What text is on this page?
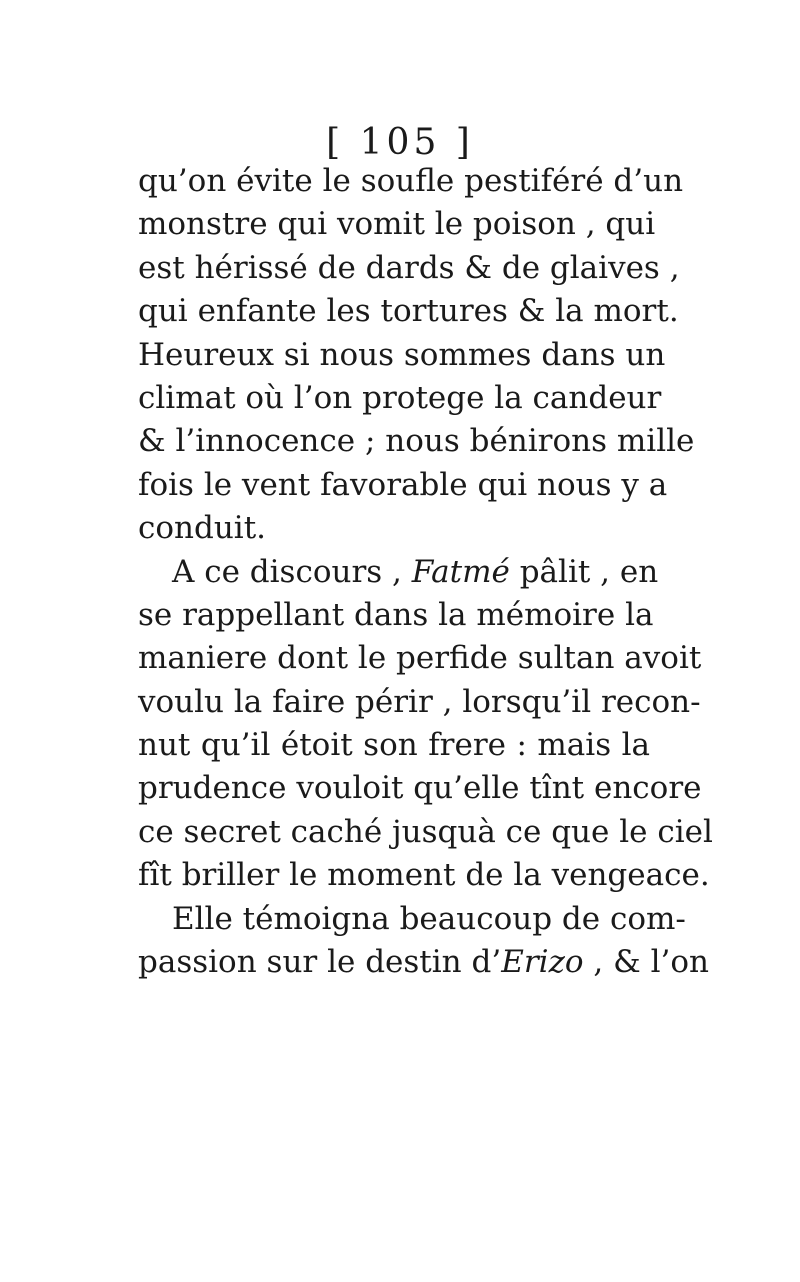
[ 105 ]
qu’on évite le soufle pestiféré d’un
monstre qui vomit le poison , qui
est hérissé de dards & de glaives ,
qui enfante les tortures & la mort.
Heureux si nous sommes dans un
climat où l’on protege la candeur
& l’innocence ; nous bénirons mille
fois le vent favorable qui nous y a
conduit.
A ce discours , Fatmé pâlit , en
se rappellant dans la mémoire la
maniere dont le perfide sultan avoit
voulu la faire périr , lorsqu’il recon-
nut qu’il étoit son frere : mais la
prudence vouloit qu’elle tînt encore
ce secret caché jusquà ce que le ciel
fît briller le moment de la vengeace.
Elle témoigna beaucoup de com-
passion sur le destin d’Erizo , & l’on
